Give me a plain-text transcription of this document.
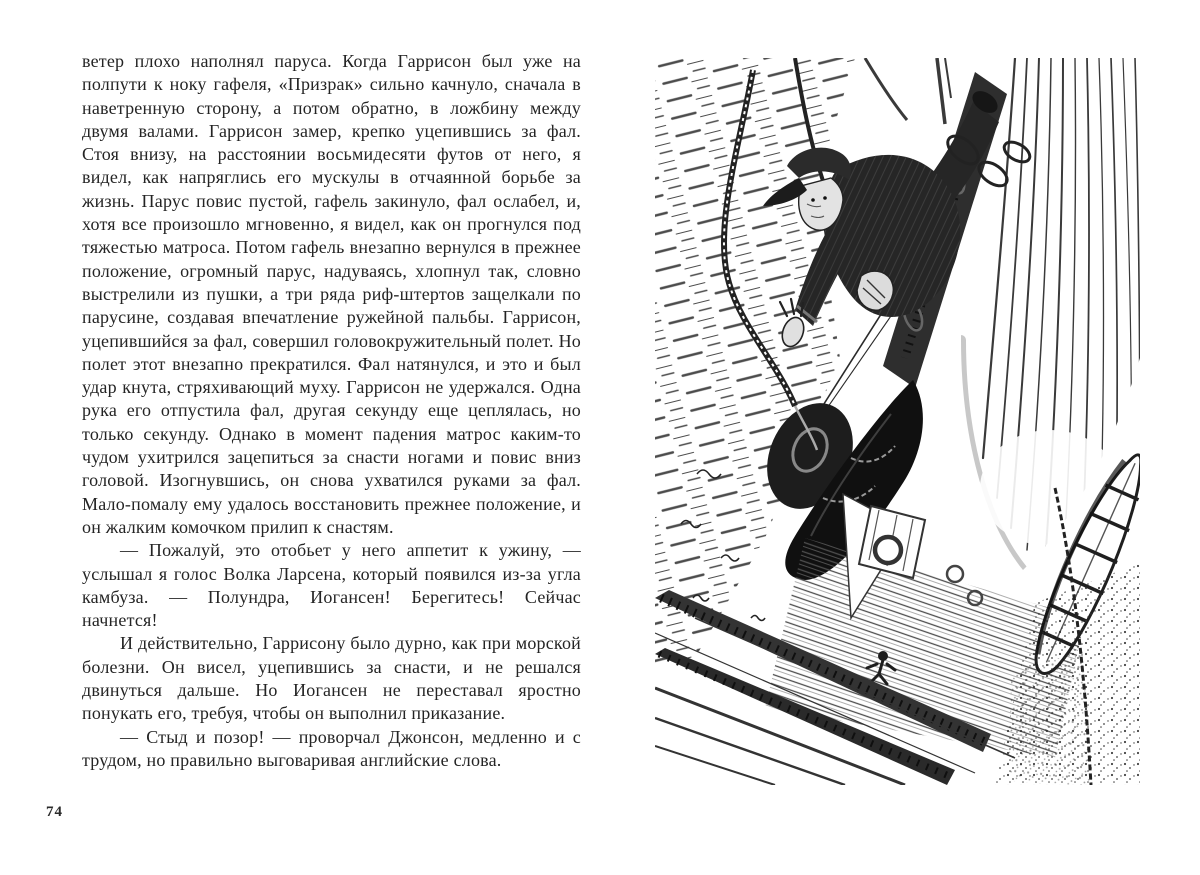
ветер плохо наполнял паруса. Когда Гаррисон был уже на полпути к ноку гафеля, «Призрак» сильно качнуло, сначала в наветренную сторону, а потом обратно, в ложбину между двумя валами. Гаррисон замер, крепко уцепившись за фал. Стоя внизу, на расстоянии восьмидесяти футов от него, я видел, как напряглись его мускулы в отчаянной борьбе за жизнь. Парус повис пустой, гафель закинуло, фал ослабел, и, хотя все произошло мгновенно, я видел, как он прогнулся под тяжестью матроса. Потом гафель внезапно вернулся в прежнее положение, огромный парус, надуваясь, хлопнул так, словно выстрелили из пушки, а три ряда риф-штертов защелкали по парусине, создавая впечатление ружейной пальбы. Гаррисон, уцепившийся за фал, совершил головокружительный полет. Но полет этот внезапно прекратился. Фал натянулся, и это и был удар кнута, стряхивающий муху. Гаррисон не удержался. Одна рука его отпустила фал, другая секунду еще цеплялась, но только секунду. Однако в момент падения матрос каким-то чудом ухитрился зацепиться за снасти ногами и повис вниз головой. Изогнувшись, он снова ухватился руками за фал. Мало-помалу ему удалось восстановить прежнее положение, и он жалким комочком прилип к снастям.

— Пожалуй, это отобьет у него аппетит к ужину, — услышал я голос Волка Ларсена, который появился из-за угла камбуза. — Полундра, Иогансен! Берегитесь! Сейчас начнется!

И действительно, Гаррисону было дурно, как при морской болезни. Он висел, уцепившись за снасти, и не решался двинуться дальше. Но Иогансен не переставал яростно понукать его, требуя, чтобы он выполнил приказание.

— Стыд и позор! — проворчал Джонсон, медленно и с трудом, но правильно выговаривая английские слова.

74
